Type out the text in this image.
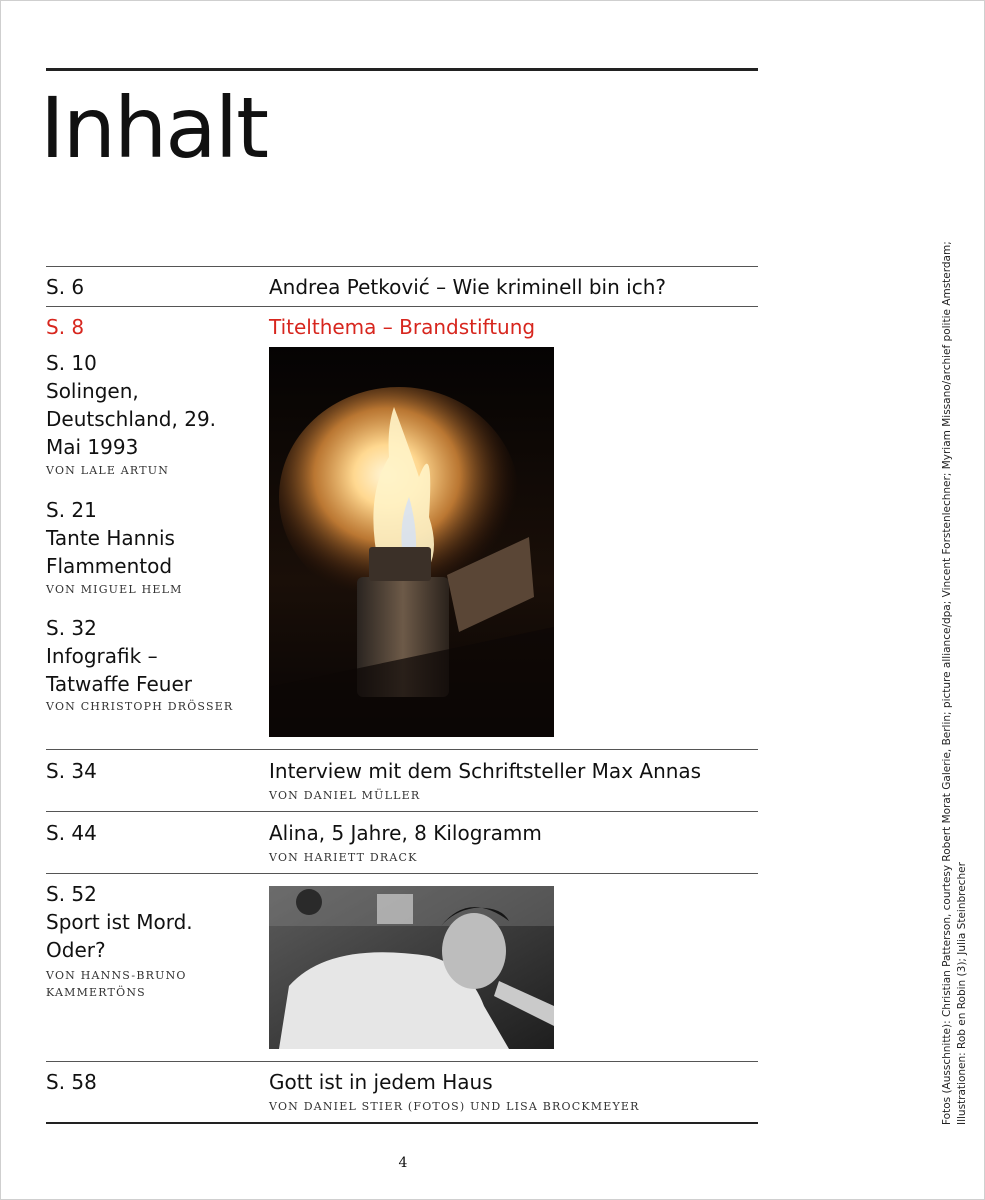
Inhalt
S. 6	Andrea Petković – Wie kriminell bin ich?
S. 8	Titelthema – Brandstiftung
S. 10
Solingen, Deutschland, 29. Mai 1993
VON LALE ARTUN
S. 21
Tante Hannis Flammentod
VON MIGUEL HELM
S. 32
Infografik – Tatwaffe Feuer
VON CHRISTOPH DRÖSSER
S. 34	Interview mit dem Schriftsteller Max Annas
VON DANIEL MÜLLER
S. 44	Alina, 5 Jahre, 8 Kilogramm
VON HARIETT DRACK
S. 52
Sport ist Mord. Oder?
VON HANNS-BRUNO KAMMERTÖNS
S. 58	Gott ist in jedem Haus
VON DANIEL STIER (FOTOS) UND LISA BROCKMEYER
4
Fotos (Ausschnitte): Christian Patterson, courtesy Robert Morat Galerie, Berlin; picture alliance/dpa; Vincent Forstenlechner; Myriam Missano/archief politie Amsterdam; Illustrationen: Rob en Robin (3); Julia Steinbrecher
